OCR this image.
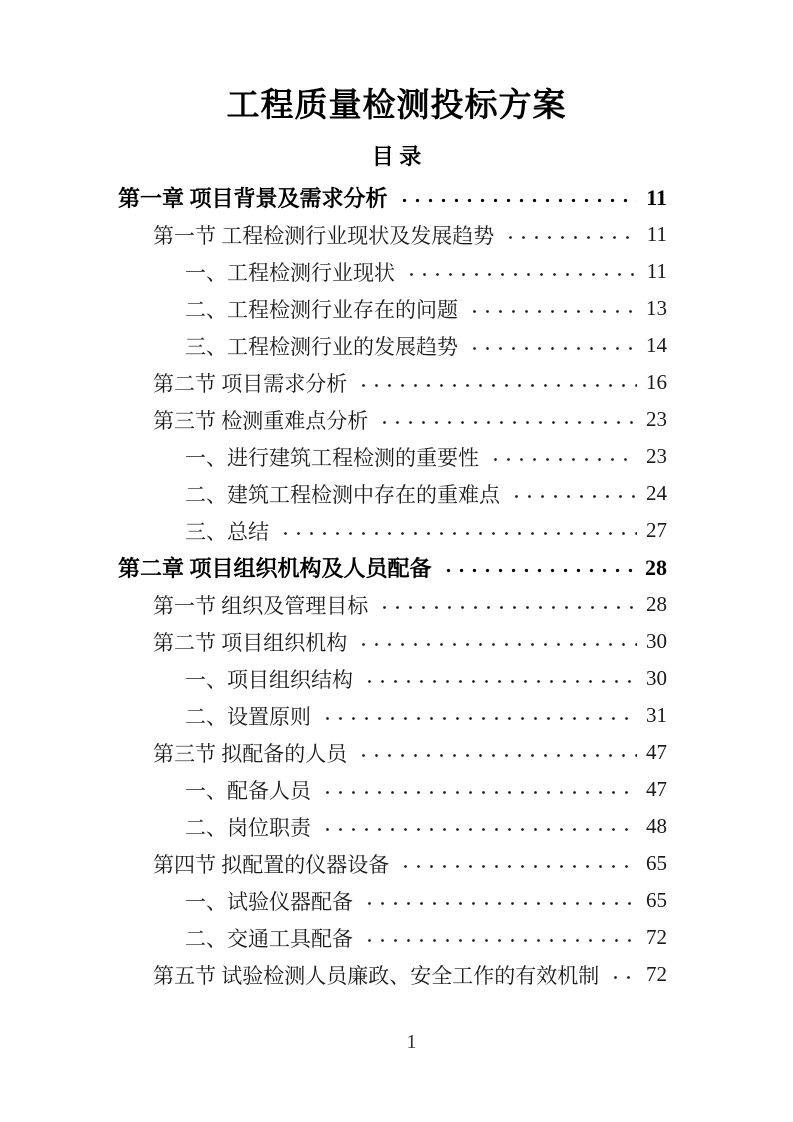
工程质量检测投标方案
目 录
第一章 项目背景及需求分析	11
第一节 工程检测行业现状及发展趋势	11
一、工程检测行业现状	11
二、工程检测行业存在的问题	13
三、工程检测行业的发展趋势	14
第二节 项目需求分析	16
第三节 检测重难点分析	23
一、进行建筑工程检测的重要性	23
二、建筑工程检测中存在的重难点	24
三、总结	27
第二章 项目组织机构及人员配备	28
第一节 组织及管理目标	28
第二节 项目组织机构	30
一、项目组织结构	30
二、设置原则	31
第三节 拟配备的人员	47
一、配备人员	47
二、岗位职责	48
第四节 拟配置的仪器设备	65
一、试验仪器配备	65
二、交通工具配备	72
第五节 试验检测人员廉政、安全工作的有效机制 72
1
